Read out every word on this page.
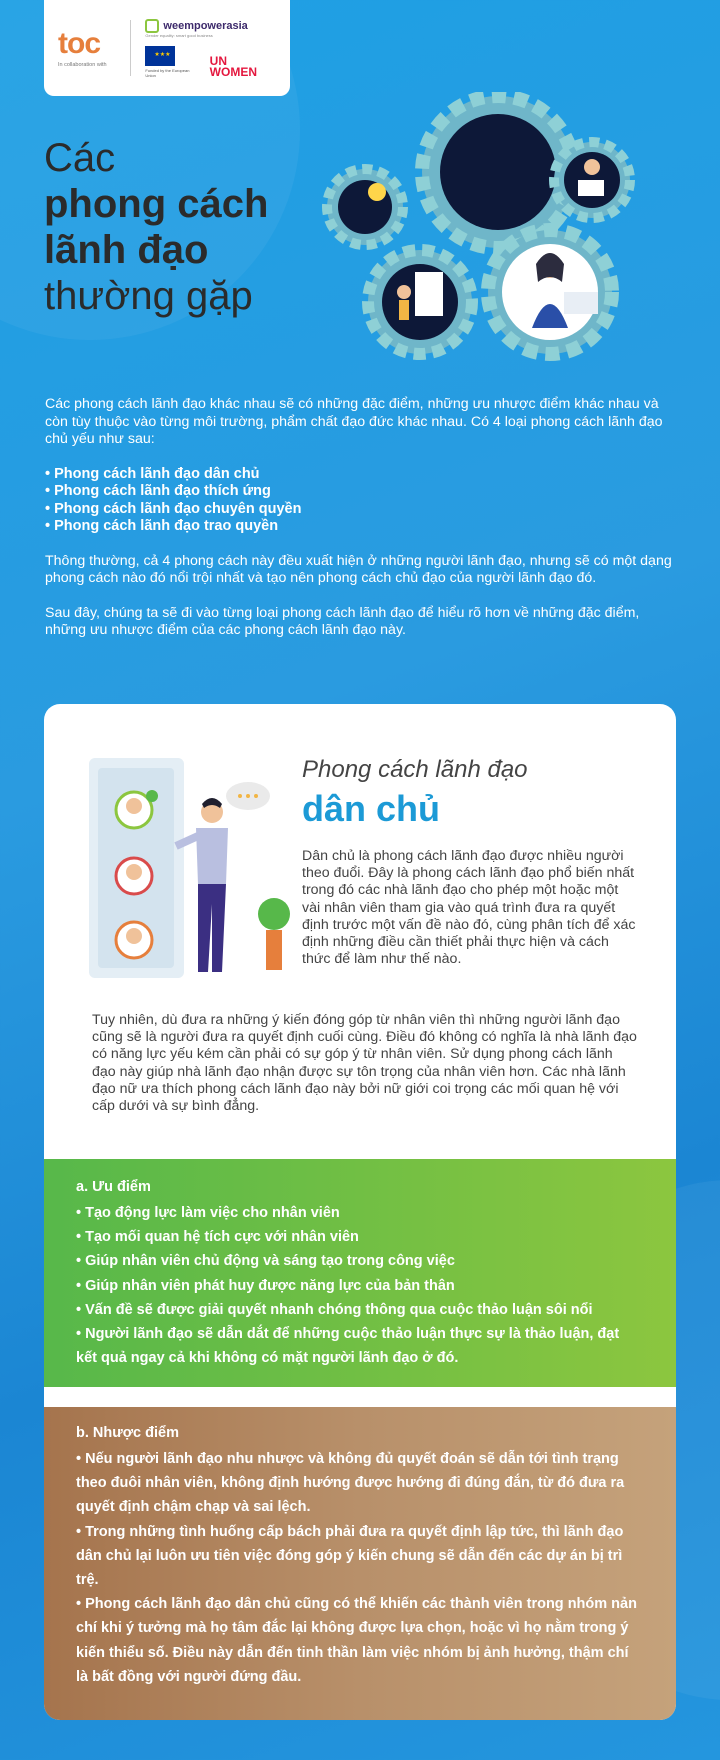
toc
In collaboration with
weempowerasia
Gender equality: smart good business
★★★
Funded by the European Union
UN WOMEN
Các
phong cách
lãnh đạo
thường gặp

Các phong cách lãnh đạo khác nhau sẽ có những đặc điểm, những ưu nhược điểm khác nhau và còn tùy thuộc vào từng môi trường, phẩm chất đạo đức khác nhau. Có 4 loại phong cách lãnh đạo chủ yếu như sau:

• Phong cách lãnh đạo dân chủ
• Phong cách lãnh đạo thích ứng
• Phong cách lãnh đạo chuyên quyền
• Phong cách lãnh đạo trao quyền

Thông thường, cả 4 phong cách này đều xuất hiện ở những người lãnh đạo, nhưng sẽ có một dạng phong cách nào đó nổi trội nhất và tạo nên phong cách chủ đạo của người lãnh đạo đó.

Sau đây, chúng ta sẽ đi vào từng loại phong cách lãnh đạo để hiểu rõ hơn về những đặc điểm, những ưu nhược điểm của các phong cách lãnh đạo này.

Phong cách lãnh đạo
dân chủ
Dân chủ là phong cách lãnh đạo được nhiều người theo đuổi. Đây là phong cách lãnh đạo phổ biến nhất trong đó các nhà lãnh đạo cho phép một hoặc một vài nhân viên tham gia vào quá trình đưa ra quyết định trước một vấn đề nào đó, cùng phân tích để xác định những điều cần thiết phải thực hiện và cách thức để làm như thế nào.
Tuy nhiên, dù đưa ra những ý kiến đóng góp từ nhân viên thì những người lãnh đạo cũng sẽ là người đưa ra quyết định cuối cùng. Điều đó không có nghĩa là nhà lãnh đạo có năng lực yếu kém cần phải có sự góp ý từ nhân viên. Sử dụng phong cách lãnh đạo này giúp nhà lãnh đạo nhận được sự tôn trọng của nhân viên hơn. Các nhà lãnh đạo nữ ưa thích phong cách lãnh đạo này bởi nữ giới coi trọng các mối quan hệ với cấp dưới và sự bình đẳng.
a. Ưu điểm
• Tạo động lực làm việc cho nhân viên
• Tạo mối quan hệ tích cực với nhân viên
• Giúp nhân viên chủ động và sáng tạo trong công việc
• Giúp nhân viên phát huy được năng lực của bản thân
• Vấn đề sẽ được giải quyết nhanh chóng thông qua cuộc thảo luận sôi nổi
• Người lãnh đạo sẽ dẫn dắt để những cuộc thảo luận thực sự là thảo luận, đạt kết quả ngay cả khi không có mặt người lãnh đạo ở đó.
b. Nhược điểm
• Nếu người lãnh đạo nhu nhược và không đủ quyết đoán sẽ dẫn tới tình trạng theo đuôi nhân viên, không định hướng được hướng đi đúng đắn, từ đó đưa ra quyết định chậm chạp và sai lệch.
• Trong những tình huống cấp bách phải đưa ra quyết định lập tức, thì lãnh đạo dân chủ lại luôn ưu tiên việc đóng góp ý kiến chung sẽ dẫn đến các dự án bị trì trệ.
• Phong cách lãnh đạo dân chủ cũng có thể khiến các thành viên trong nhóm nản chí khi ý tưởng mà họ tâm đắc lại không được lựa chọn, hoặc vì họ nằm trong ý kiến thiểu số. Điều này dẫn đến tinh thần làm việc nhóm bị ảnh hưởng, thậm chí là bất đồng với người đứng đầu.
